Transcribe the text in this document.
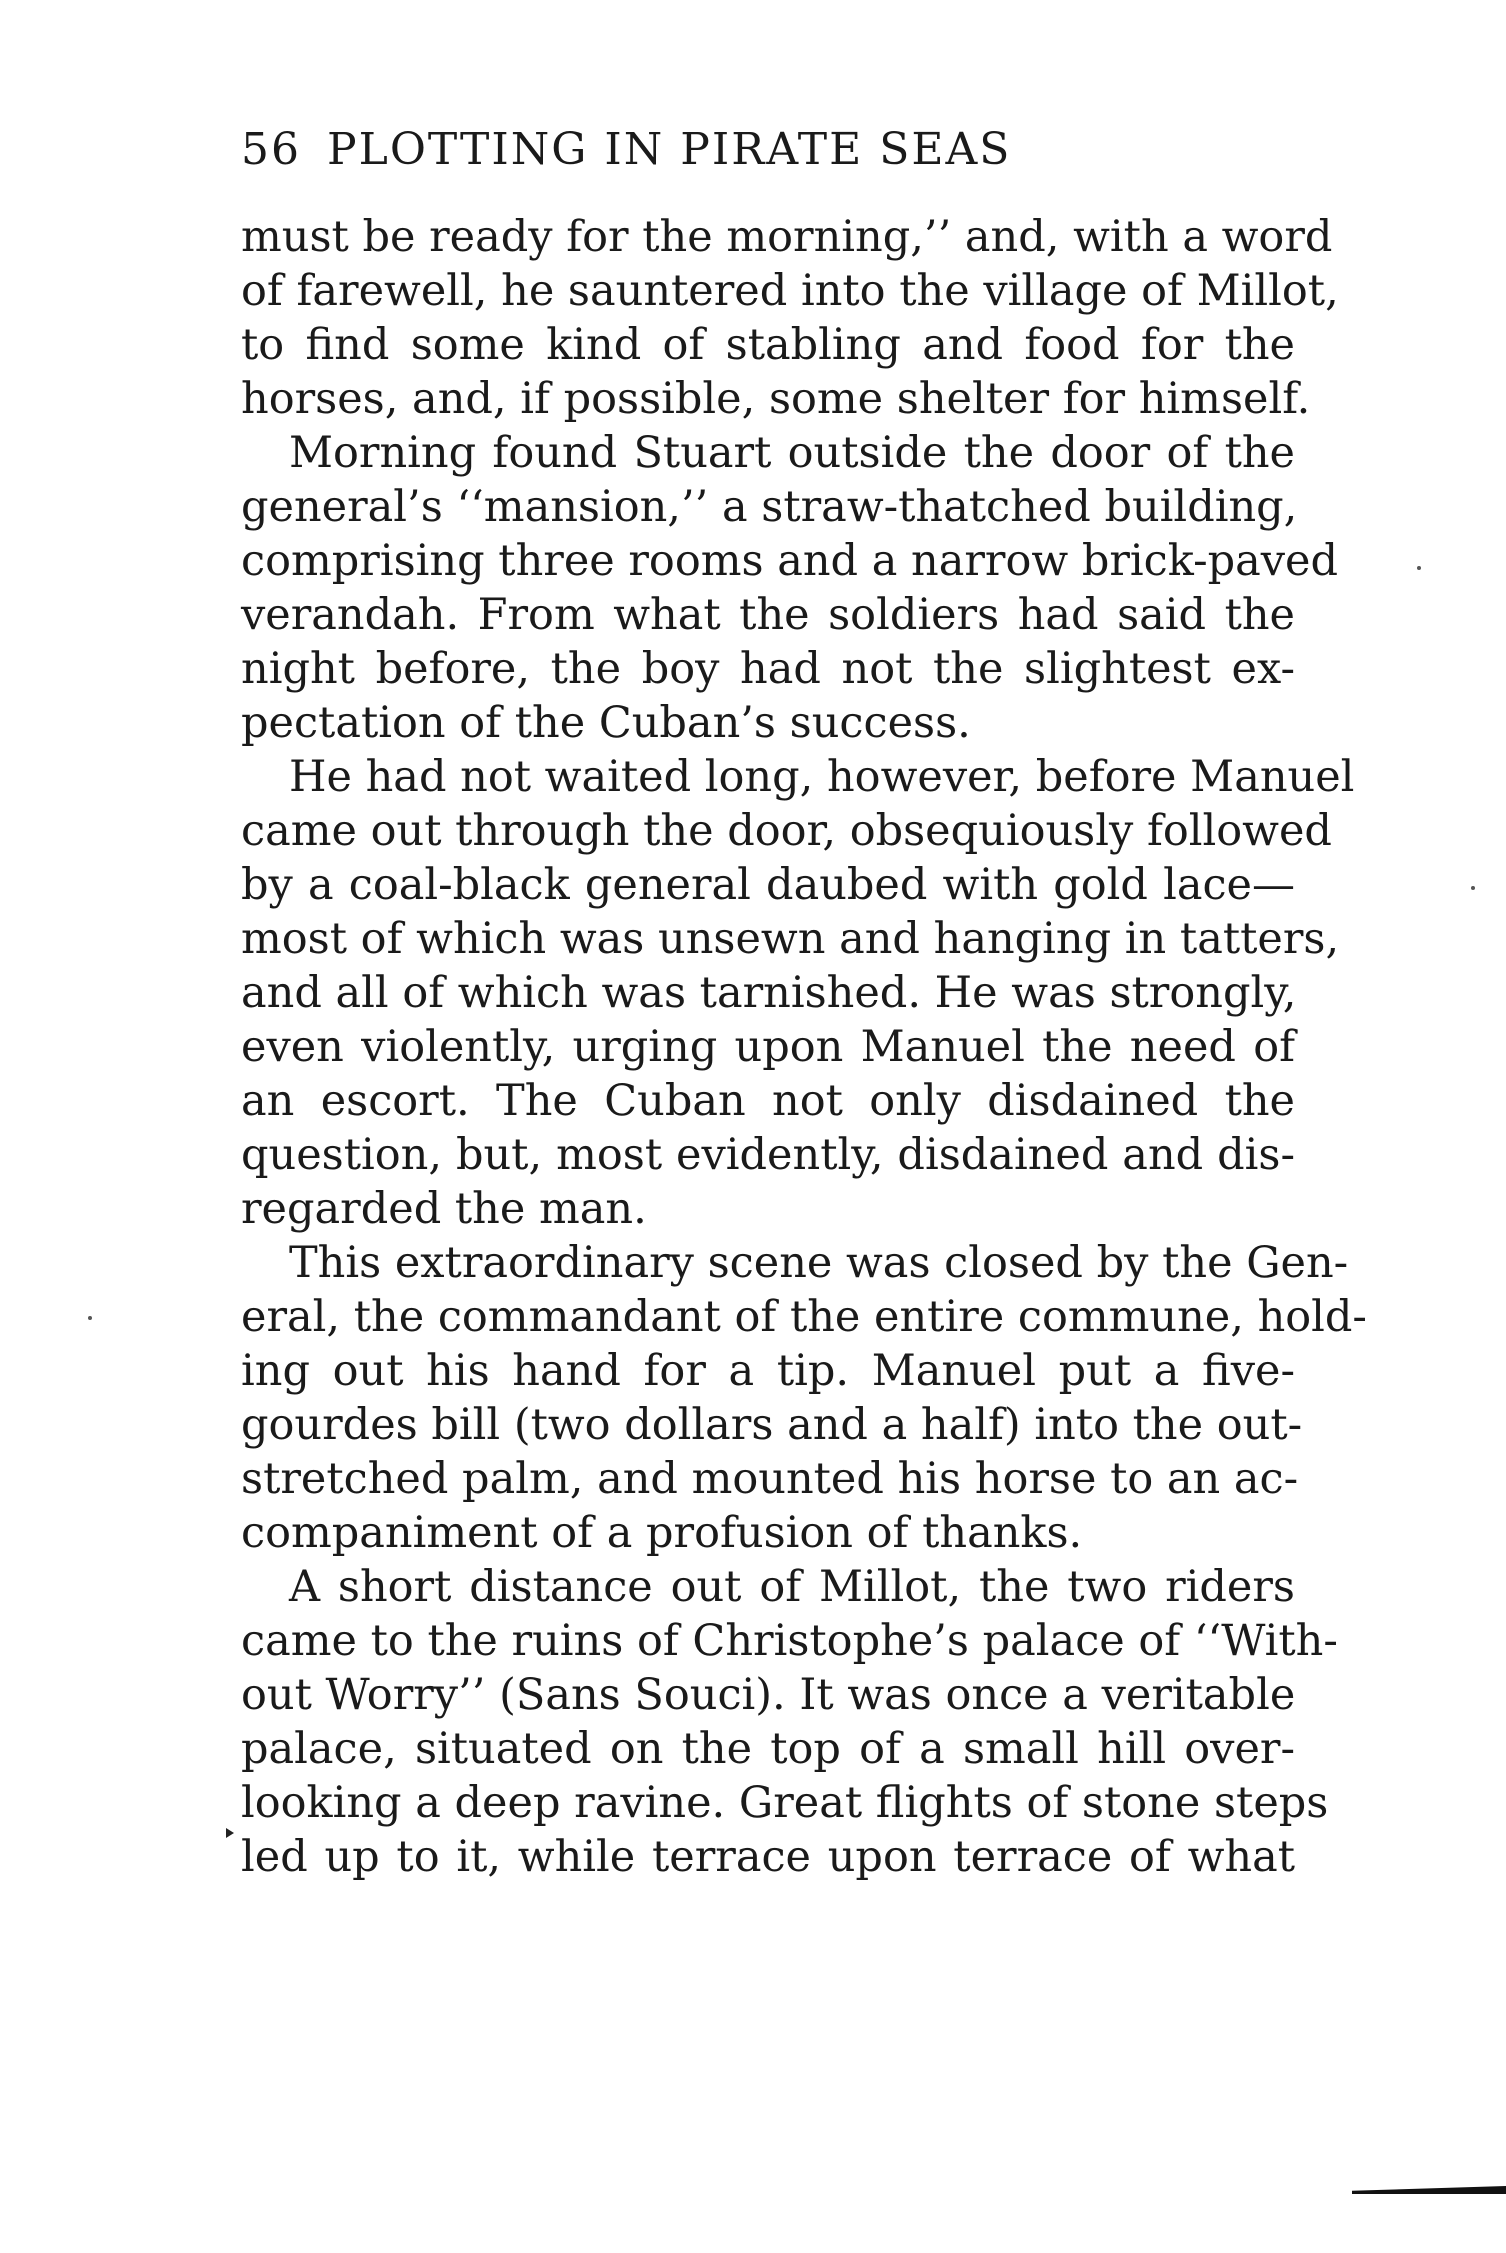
56 PLOTTING IN PIRATE SEAS
must be ready for the morning,’’ and, with a word
of farewell, he sauntered into the village of Millot,
to find some kind of stabling and food for the
horses, and, if possible, some shelter for himself.
Morning found Stuart outside the door of the
general’s ‘‘mansion,’’ a straw-thatched building,
comprising three rooms and a narrow brick-paved
verandah. From what the soldiers had said the
night before, the boy had not the slightest ex-
pectation of the Cuban’s success.
He had not waited long, however, before Manuel
came out through the door, obsequiously followed
by a coal-black general daubed with gold lace—
most of which was unsewn and hanging in tatters,
and all of which was tarnished. He was strongly,
even violently, urging upon Manuel the need of
an escort. The Cuban not only disdained the
question, but, most evidently, disdained and dis-
regarded the man.
This extraordinary scene was closed by the Gen-
eral, the commandant of the entire commune, hold-
ing out his hand for a tip. Manuel put a five-
gourdes bill (two dollars and a half) into the out-
stretched palm, and mounted his horse to an ac-
companiment of a profusion of thanks.
A short distance out of Millot, the two riders
came to the ruins of Christophe’s palace of ‘‘With-
out Worry’’ (Sans Souci). It was once a veritable
palace, situated on the top of a small hill over-
looking a deep ravine. Great flights of stone steps
led up to it, while terrace upon terrace of what
